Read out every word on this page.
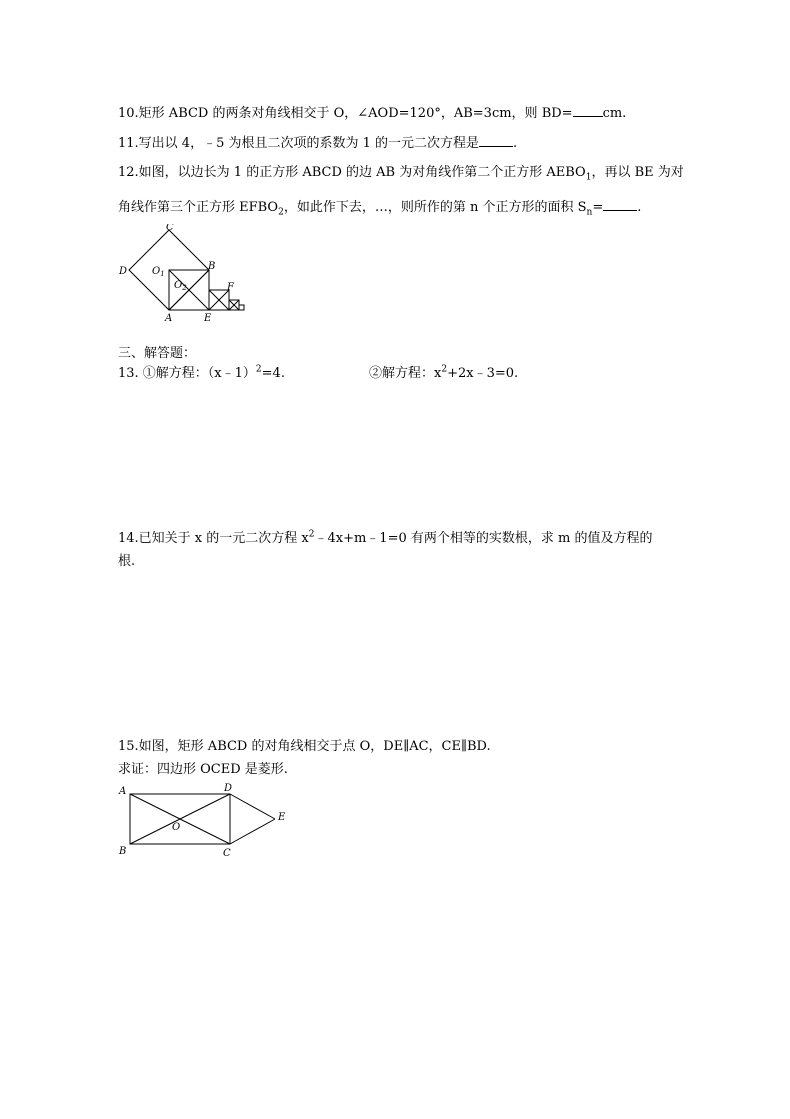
10.矩形 ABCD 的两条对角线相交于 O，∠AOD=120°，AB=3cm，则 BD= cm.
11.写出以 4，﹣5 为根且二次项的系数为 1 的一元二次方程是	.
12.如图，以边长为 1 的正方形 ABCD 的边 AB 为对角线作第二个正方形 $AEBO_1$，再以 BE 为对
角线作第三个正方形 $EFBO_2$，如此作下去，…，则所作的第 n 个正方形的面积 $S_n=$	.
C
D $O_1$
B
$O_2$	F
A	E
三、解答题：
13. ①解方程：（x﹣1）$^2$=4.	②解方程：$x^2+2x﹣3=0$.
14.已知关于 x 的一元二次方程 $x^2﹣4x+m﹣1=0$ 有两个相等的实数根，求 m 的值及方程的
根.
15.如图，矩形 ABCD 的对角线相交于点 O，DE∥AC，CE∥BD.
求证：四边形 OCED 是菱形.
A	D
E
O
B	C
